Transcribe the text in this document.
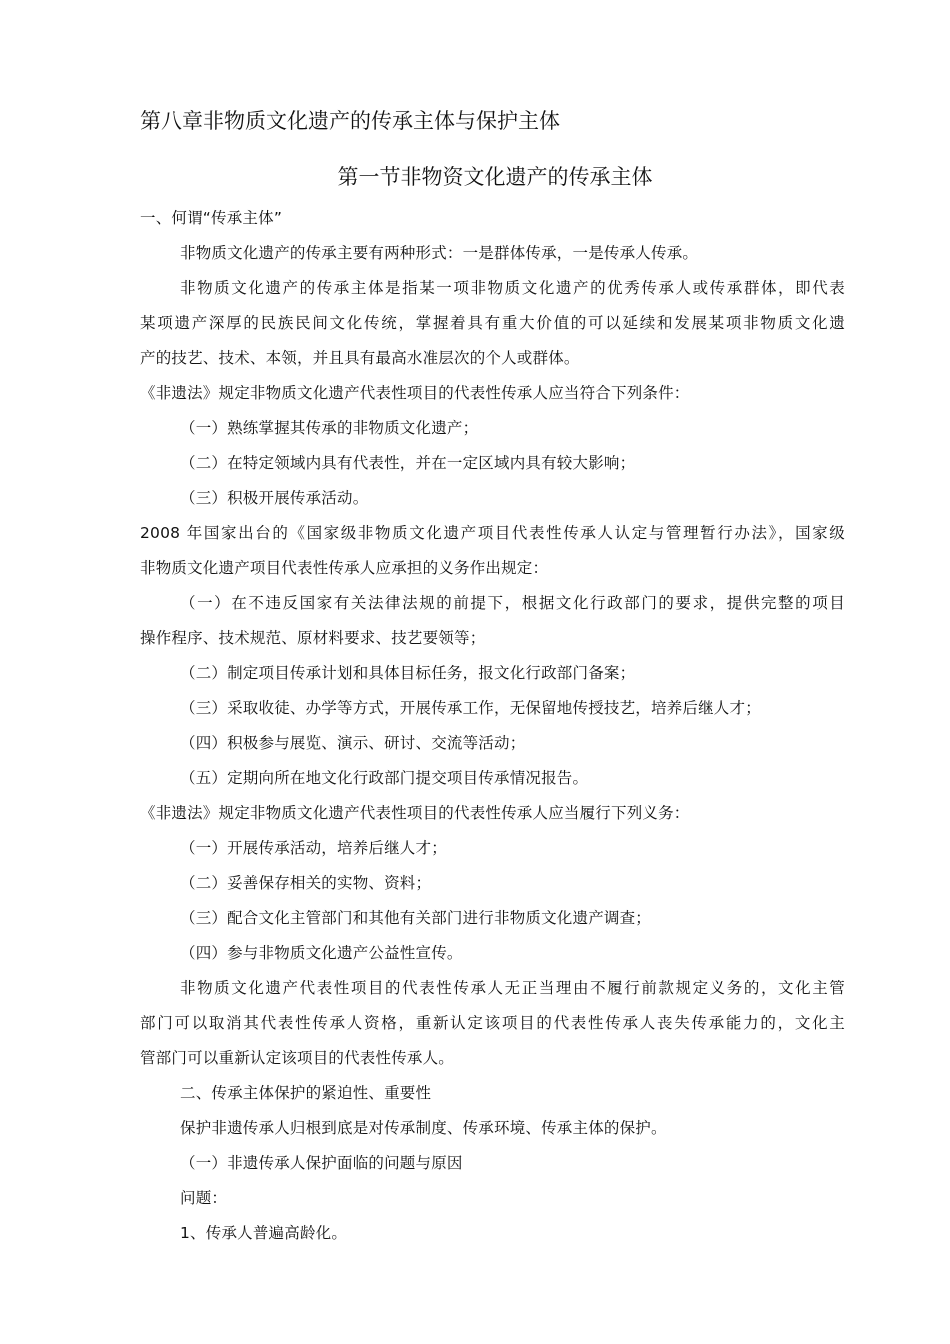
第八章非物质文化遗产的传承主体与保护主体
第一节非物资文化遗产的传承主体
一、何谓“传承主体”
非物质文化遗产的传承主要有两种形式：一是群体传承，一是传承人传承。
非物质文化遗产的传承主体是指某一项非物质文化遗产的优秀传承人或传承群体，即代表
某项遗产深厚的民族民间文化传统，掌握着具有重大价值的可以延续和发展某项非物质文化遗
产的技艺、技术、本领，并且具有最高水准层次的个人或群体。
《非遗法》规定非物质文化遗产代表性项目的代表性传承人应当符合下列条件：
（一）熟练掌握其传承的非物质文化遗产；
（二）在特定领域内具有代表性，并在一定区域内具有较大影响；
（三）积极开展传承活动。
2008 年国家出台的《国家级非物质文化遗产项目代表性传承人认定与管理暂行办法》，国家级
非物质文化遗产项目代表性传承人应承担的义务作出规定：
（一）在不违反国家有关法律法规的前提下，根据文化行政部门的要求，提供完整的项目
操作程序、技术规范、原材料要求、技艺要领等；
（二）制定项目传承计划和具体目标任务，报文化行政部门备案；
（三）采取收徒、办学等方式，开展传承工作，无保留地传授技艺，培养后继人才；
（四）积极参与展览、演示、研讨、交流等活动；
（五）定期向所在地文化行政部门提交项目传承情况报告。
《非遗法》规定非物质文化遗产代表性项目的代表性传承人应当履行下列义务：
（一）开展传承活动，培养后继人才；
（二）妥善保存相关的实物、资料；
（三）配合文化主管部门和其他有关部门进行非物质文化遗产调查；
（四）参与非物质文化遗产公益性宣传。
非物质文化遗产代表性项目的代表性传承人无正当理由不履行前款规定义务的，文化主管
部门可以取消其代表性传承人资格，重新认定该项目的代表性传承人丧失传承能力的，文化主
管部门可以重新认定该项目的代表性传承人。
二、传承主体保护的紧迫性、重要性
保护非遗传承人归根到底是对传承制度、传承环境、传承主体的保护。
（一）非遗传承人保护面临的问题与原因
问题：
1、传承人普遍高龄化。
